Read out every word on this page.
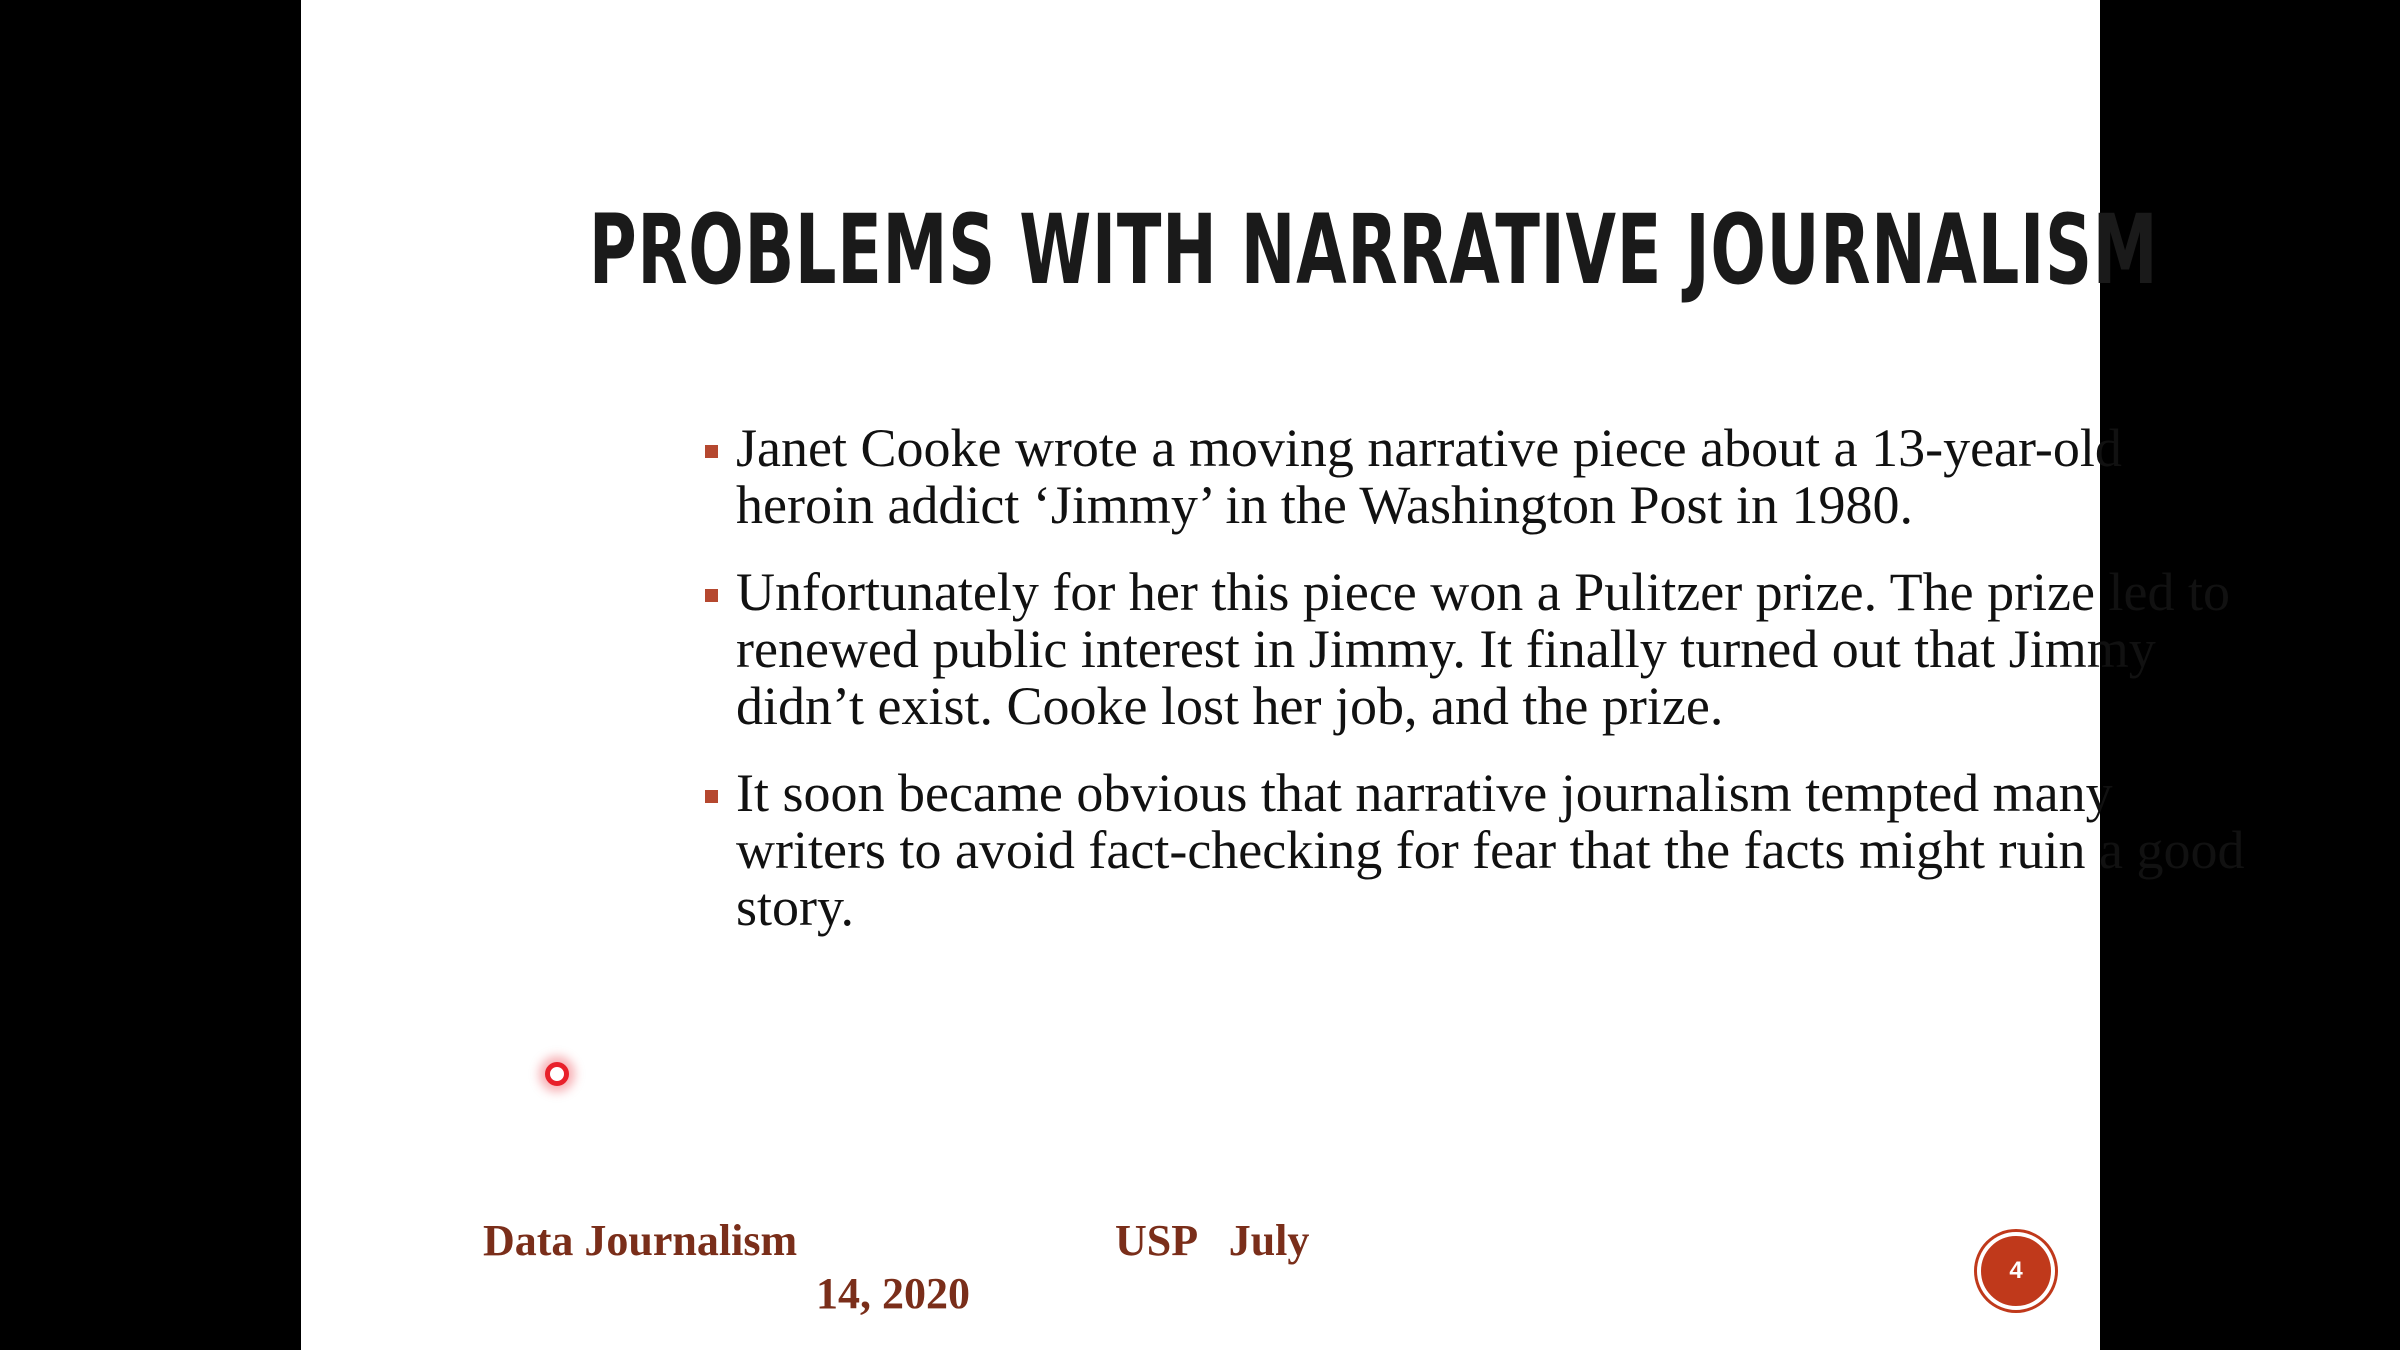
PROBLEMS WITH NARRATIVE JOURNALISM
Janet Cooke wrote a moving narrative piece about a 13-year-old heroin addict ‘Jimmy’ in the Washington Post in 1980.
Unfortunately for her this piece won a Pulitzer prize. The prize led to renewed public interest in Jimmy. It finally turned out that Jimmy didn’t exist. Cooke lost her job, and the prize.
It soon became obvious that narrative journalism tempted many writers to avoid fact-checking for fear that the facts might ruin a good story.
Data Journalism	USP   July
14, 2020	4
